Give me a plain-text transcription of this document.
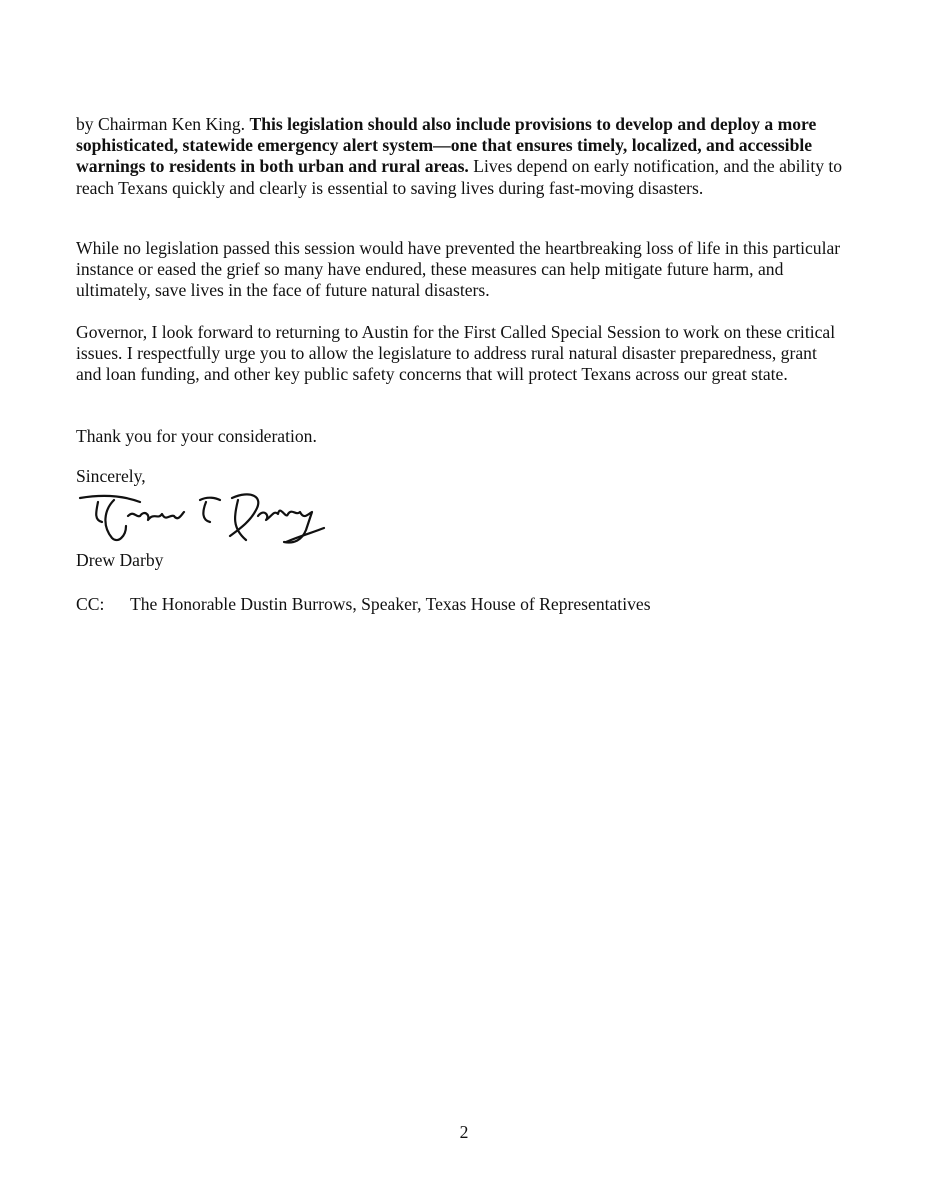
by Chairman Ken King. This legislation should also include provisions to develop and deploy a more sophisticated, statewide emergency alert system—one that ensures timely, localized, and accessible warnings to residents in both urban and rural areas. Lives depend on early notification, and the ability to reach Texans quickly and clearly is essential to saving lives during fast-moving disasters.

While no legislation passed this session would have prevented the heartbreaking loss of life in this particular instance or eased the grief so many have endured, these measures can help mitigate future harm, and ultimately, save lives in the face of future natural disasters.

Governor, I look forward to returning to Austin for the First Called Special Session to work on these critical issues. I respectfully urge you to allow the legislature to address rural natural disaster preparedness, grant and loan funding, and other key public safety concerns that will protect Texans across our great state.

Thank you for your consideration.

Sincerely,

Drew Darby

CC: The Honorable Dustin Burrows, Speaker, Texas House of Representatives
2
